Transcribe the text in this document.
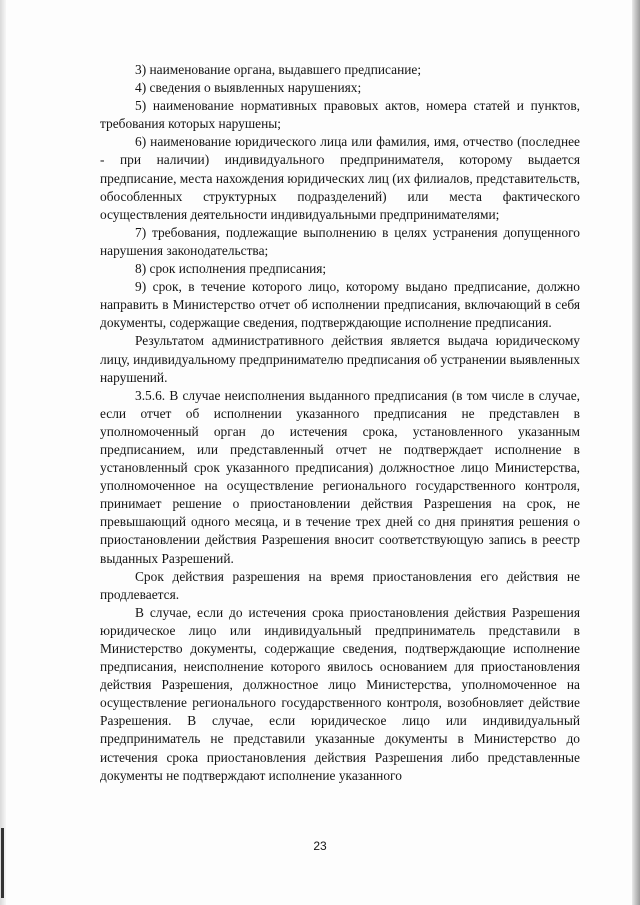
3) наименование органа, выдавшего предписание;

4) сведения о выявленных нарушениях;

5) наименование нормативных правовых актов, номера статей и пунктов, требования которых нарушены;

6) наименование юридического лица или фамилия, имя, отчество (последнее - при наличии) индивидуального предпринимателя, которому выдается предписание, места нахождения юридических лиц (их филиалов, представительств, обособленных структурных подразделений) или места фактического осуществления деятельности индивидуальными предпринимателями;

7) требования, подлежащие выполнению в целях устранения допущенного нарушения законодательства;

8) срок исполнения предписания;

9) срок, в течение которого лицо, которому выдано предписание, должно направить в Министерство отчет об исполнении предписания, включающий в себя документы, содержащие сведения, подтверждающие исполнение предписания.

Результатом административного действия является выдача юридическому лицу, индивидуальному предпринимателю предписания об устранении выявленных нарушений.

3.5.6. В случае неисполнения выданного предписания (в том числе в случае, если отчет об исполнении указанного предписания не представлен в уполномоченный орган до истечения срока, установленного указанным предписанием, или представленный отчет не подтверждает исполнение в установленный срок указанного предписания) должностное лицо Министерства, уполномоченное на осуществление регионального государственного контроля, принимает решение о приостановлении действия Разрешения на срок, не превышающий одного месяца, и в течение трех дней со дня принятия решения о приостановлении действия Разрешения вносит соответствующую запись в реестр выданных Разрешений.

Срок действия разрешения на время приостановления его действия не продлевается.

В случае, если до истечения срока приостановления действия Разрешения юридическое лицо или индивидуальный предприниматель представили в Министерство документы, содержащие сведения, подтверждающие исполнение предписания, неисполнение которого явилось основанием для приостановления действия Разрешения, должностное лицо Министерства, уполномоченное на осуществление регионального государственного контроля, возобновляет действие Разрешения. В случае, если юридическое лицо или индивидуальный предприниматель не представили указанные документы в Министерство до истечения срока приостановления действия Разрешения либо представленные документы не подтверждают исполнение указанного

23
